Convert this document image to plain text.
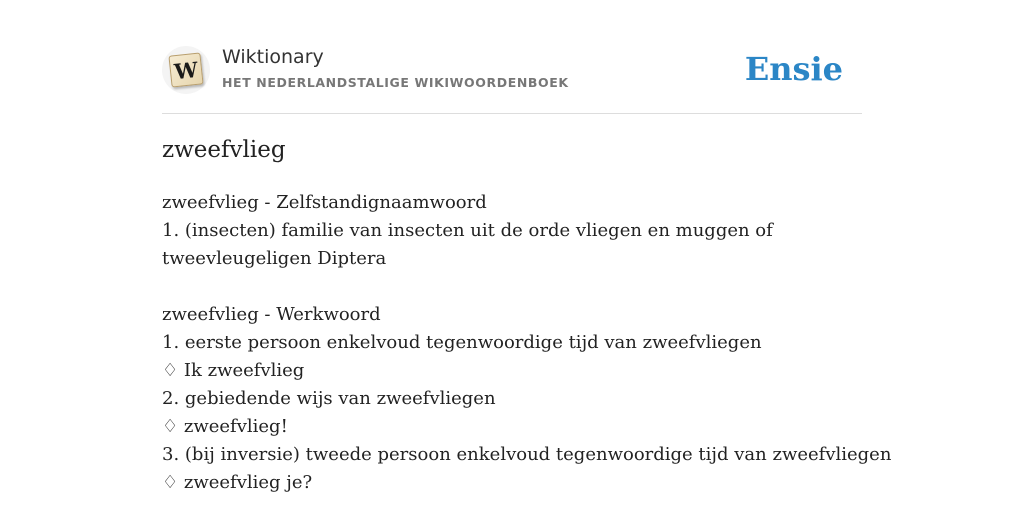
W Wiktionary
HET NEDERLANDSTALIGE WIKIWOORDENBOEK	Ensie
zweefvlieg
zweefvlieg - Zelfstandignaamwoord
1. (insecten) familie van insecten uit de orde vliegen en muggen of tweevleugeligen Diptera
zweefvlieg - Werkwoord
1. eerste persoon enkelvoud tegenwoordige tijd van zweefvliegen
♢ Ik zweefvlieg
2. gebiedende wijs van zweefvliegen
♢ zweefvlieg!
3. (bij inversie) tweede persoon enkelvoud tegenwoordige tijd van zweefvliegen
♢ zweefvlieg je?
